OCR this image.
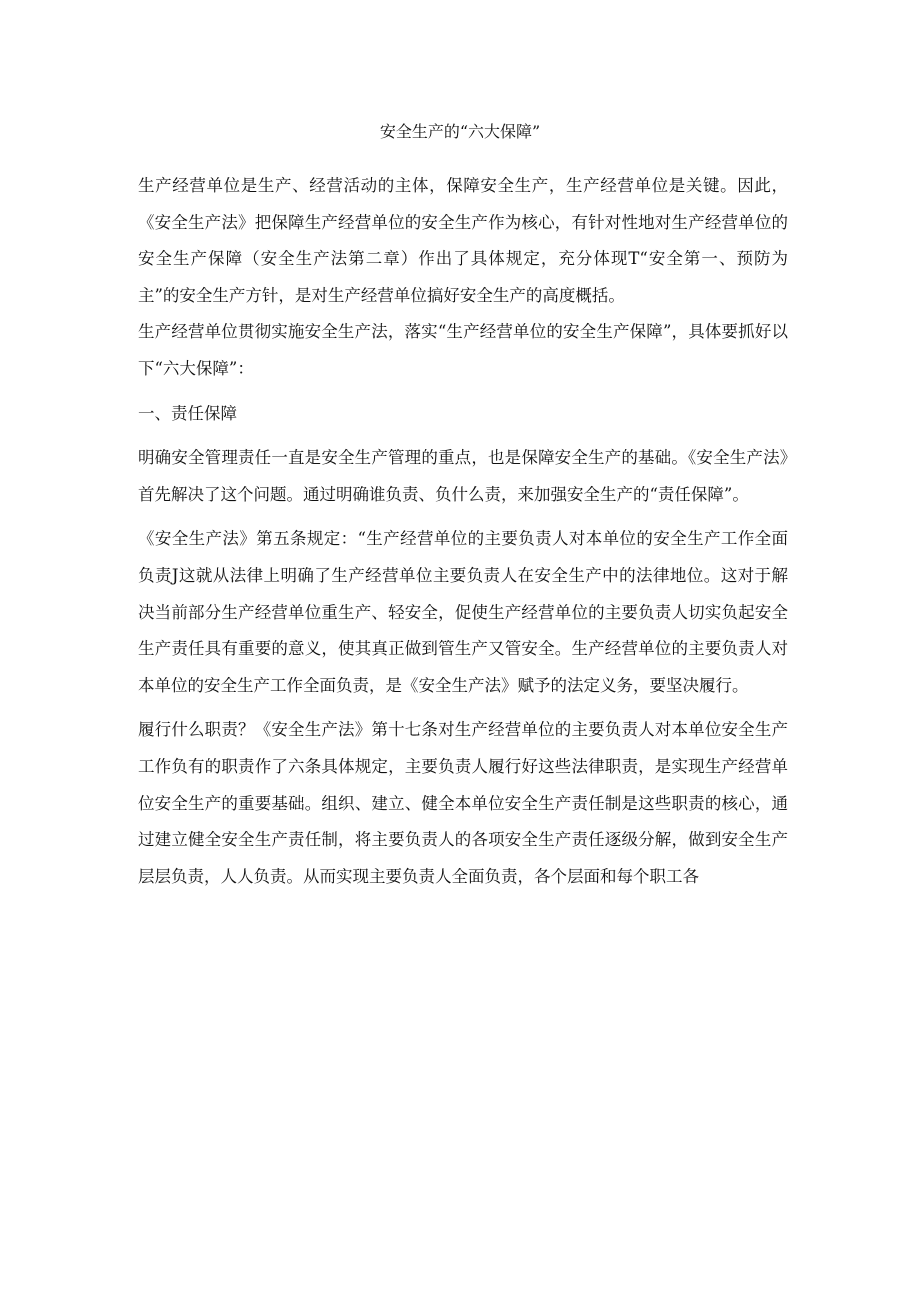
安全生产的“六大保障”

生产经营单位是生产、经营活动的主体，保障安全生产，生产经营单位是关键。因此，《安全生产法》把保障生产经营单位的安全生产作为核心，有针对性地对生产经营单位的安全生产保障（安全生产法第二章）作出了具体规定，充分体现T“安全第一、预防为主”的安全生产方针，是对生产经营单位搞好安全生产的高度概括。

生产经营单位贯彻实施安全生产法，落实“生产经营单位的安全生产保障”，具体要抓好以下“六大保障”：

一、责任保障

明确安全管理责任一直是安全生产管理的重点，也是保障安全生产的基础。《安全生产法》首先解决了这个问题。通过明确谁负责、负什么责，来加强安全生产的“责任保障”。

《安全生产法》第五条规定：“生产经营单位的主要负责人对本单位的安全生产工作全面负责J这就从法律上明确了生产经营单位主要负责人在安全生产中的法律地位。这对于解决当前部分生产经营单位重生产、轻安全，促使生产经营单位的主要负责人切实负起安全生产责任具有重要的意义，使其真正做到管生产又管安全。生产经营单位的主要负责人对本单位的安全生产工作全面负责，是《安全生产法》赋予的法定义务，要坚决履行。

履行什么职责？《安全生产法》第十七条对生产经营单位的主要负责人对本单位安全生产工作负有的职责作了六条具体规定，主要负责人履行好这些法律职责，是实现生产经营单位安全生产的重要基础。组织、建立、健全本单位安全生产责任制是这些职责的核心，通过建立健全安全生产责任制，将主要负责人的各项安全生产责任逐级分解，做到安全生产层层负责，人人负责。从而实现主要负责人全面负责，各个层面和每个职工各
